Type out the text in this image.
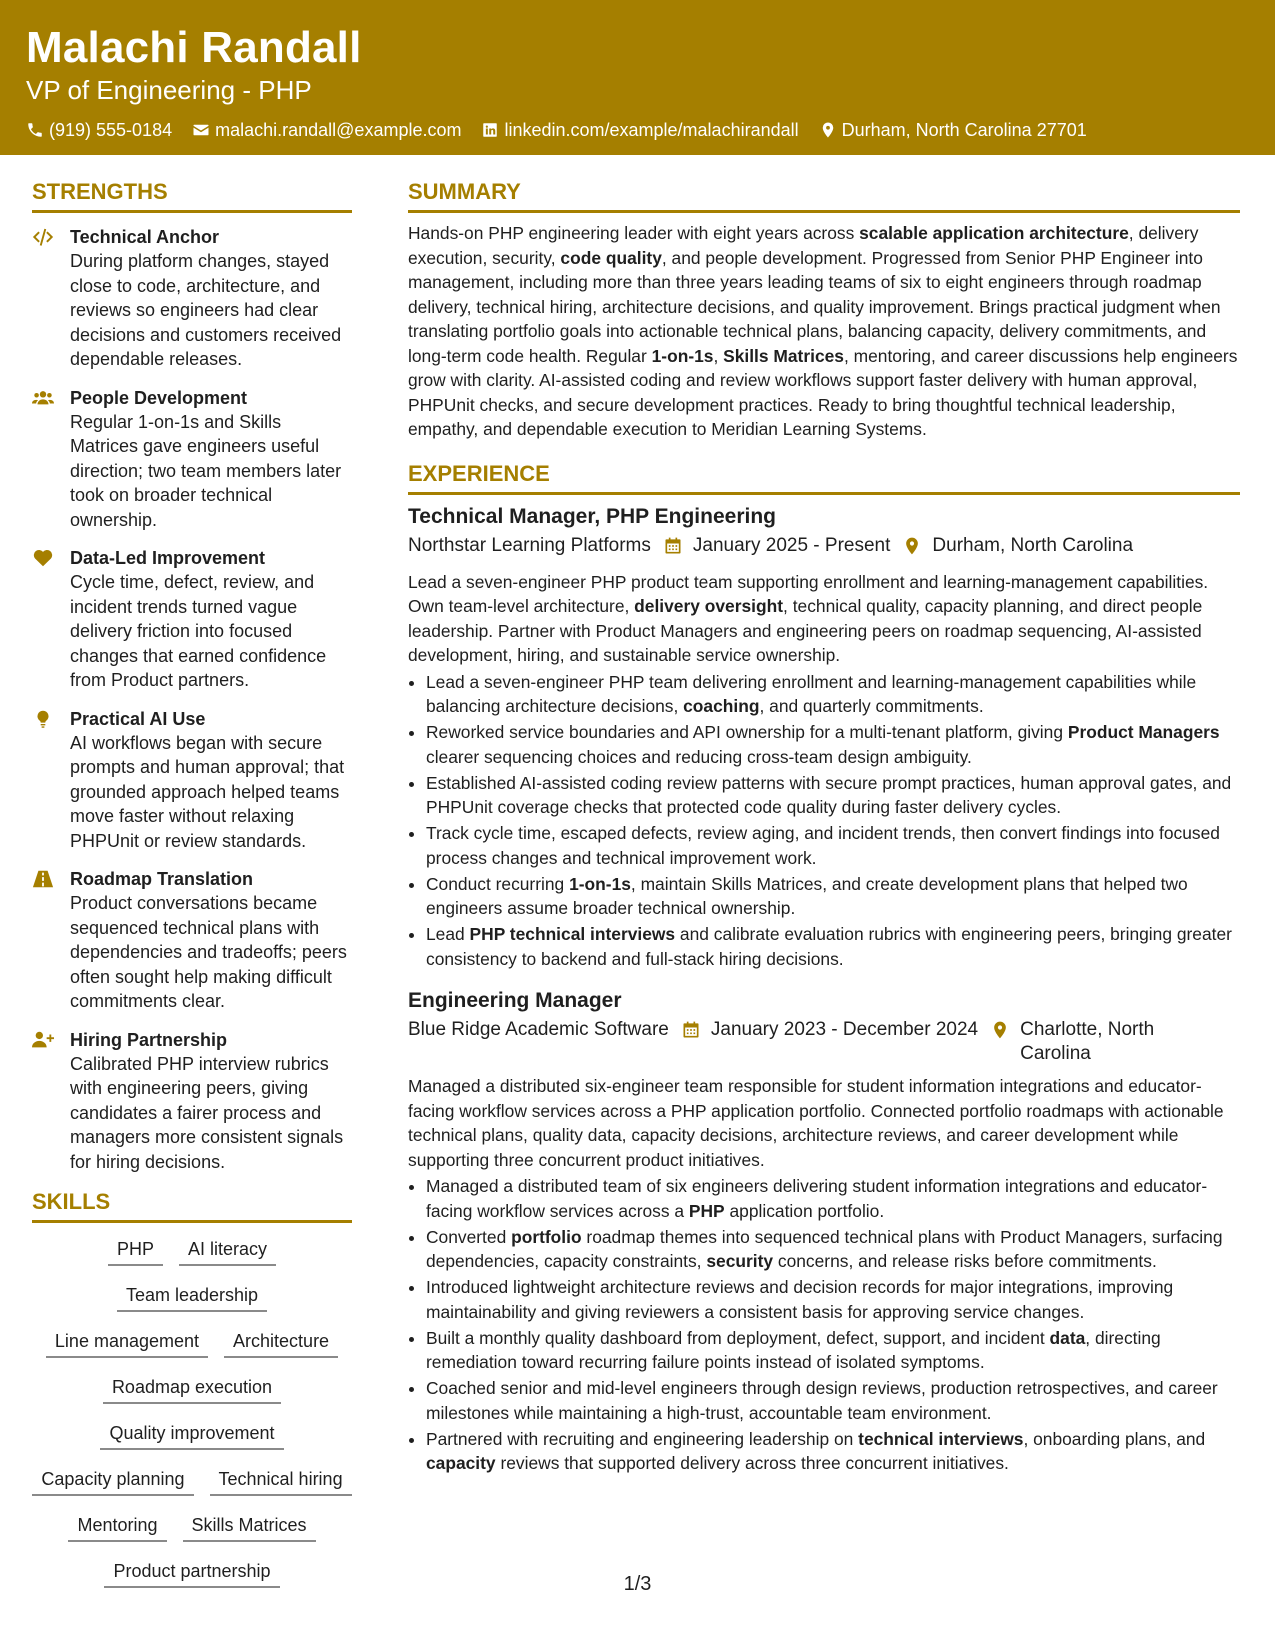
Malachi Randall
VP of Engineering - PHP
(919) 555-0184 malachi.randall@example.com linkedin.com/example/malachirandall Durham, North Carolina 27701
STRENGTHS
Technical Anchor
During platform changes, stayed close to code, architecture, and reviews so engineers had clear decisions and customers received dependable releases.
People Development
Regular 1-on-1s and Skills Matrices gave engineers useful direction; two team members later took on broader technical ownership.
Data-Led Improvement
Cycle time, defect, review, and incident trends turned vague delivery friction into focused changes that earned confidence from Product partners.
Practical AI Use
AI workflows began with secure prompts and human approval; that grounded approach helped teams move faster without relaxing PHPUnit or review standards.
Roadmap Translation
Product conversations became sequenced technical plans with dependencies and tradeoffs; peers often sought help making difficult commitments clear.
Hiring Partnership
Calibrated PHP interview rubrics with engineering peers, giving candidates a fairer process and managers more consistent signals for hiring decisions.
SKILLS
PHP	AI literacy
Team leadership
Line management	Architecture
Roadmap execution
Quality improvement
Capacity planning	Technical hiring
Mentoring	Skills Matrices
Product partnership
SUMMARY
Hands-on PHP engineering leader with eight years across scalable application architecture, delivery execution, security, code quality, and people development. Progressed from Senior PHP Engineer into management, including more than three years leading teams of six to eight engineers through roadmap delivery, technical hiring, architecture decisions, and quality improvement. Brings practical judgment when translating portfolio goals into actionable technical plans, balancing capacity, delivery commitments, and long-term code health. Regular 1-on-1s, Skills Matrices, mentoring, and career discussions help engineers grow with clarity. AI-assisted coding and review workflows support faster delivery with human approval, PHPUnit checks, and secure development practices. Ready to bring thoughtful technical leadership, empathy, and dependable execution to Meridian Learning Systems.
EXPERIENCE
Technical Manager, PHP Engineering
Northstar Learning Platforms January 2025 - Present Durham, North Carolina
Lead a seven-engineer PHP product team supporting enrollment and learning-management capabilities. Own team-level architecture, delivery oversight, technical quality, capacity planning, and direct people leadership. Partner with Product Managers and engineering peers on roadmap sequencing, AI-assisted development, hiring, and sustainable service ownership.
• Lead a seven-engineer PHP team delivering enrollment and learning-management capabilities while balancing architecture decisions, coaching, and quarterly commitments.
• Reworked service boundaries and API ownership for a multi-tenant platform, giving Product Managers clearer sequencing choices and reducing cross-team design ambiguity.
• Established AI-assisted coding review patterns with secure prompt practices, human approval gates, and PHPUnit coverage checks that protected code quality during faster delivery cycles.
• Track cycle time, escaped defects, review aging, and incident trends, then convert findings into focused process changes and technical improvement work.
• Conduct recurring 1-on-1s, maintain Skills Matrices, and create development plans that helped two engineers assume broader technical ownership.
• Lead PHP technical interviews and calibrate evaluation rubrics with engineering peers, bringing greater consistency to backend and full-stack hiring decisions.
Engineering Manager
Blue Ridge Academic Software January 2023 - December 2024 Charlotte, North Carolina
Managed a distributed six-engineer team responsible for student information integrations and educator-facing workflow services across a PHP application portfolio. Connected portfolio roadmaps with actionable technical plans, quality data, capacity decisions, architecture reviews, and career development while supporting three concurrent product initiatives.
• Managed a distributed team of six engineers delivering student information integrations and educator-facing workflow services across a PHP application portfolio.
• Converted portfolio roadmap themes into sequenced technical plans with Product Managers, surfacing dependencies, capacity constraints, security concerns, and release risks before commitments.
• Introduced lightweight architecture reviews and decision records for major integrations, improving maintainability and giving reviewers a consistent basis for approving service changes.
• Built a monthly quality dashboard from deployment, defect, support, and incident data, directing remediation toward recurring failure points instead of isolated symptoms.
• Coached senior and mid-level engineers through design reviews, production retrospectives, and career milestones while maintaining a high-trust, accountable team environment.
• Partnered with recruiting and engineering leadership on technical interviews, onboarding plans, and capacity reviews that supported delivery across three concurrent initiatives.
1/3
